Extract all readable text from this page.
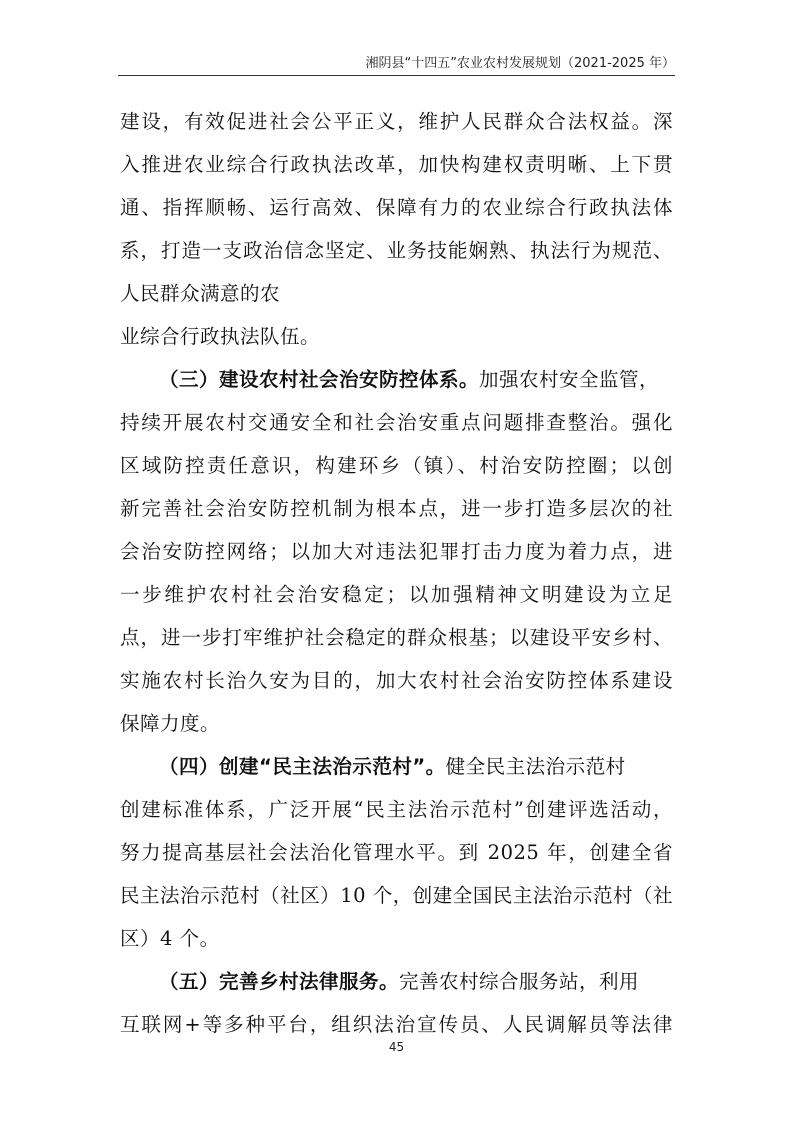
湘阴县“十四五”农业农村发展规划（2021-2025 年）
建设，有效促进社会公平正义，维护人民群众合法权益。深
入推进农业综合行政执法改革，加快构建权责明晰、上下贯
通、指挥顺畅、运行高效、保障有力的农业综合行政执法体
系，打造一支政治信念坚定、业务技能娴熟、执法行为规范、
人民群众满意的农
业综合行政执法队伍。
（三）建设农村社会治安防控体系。加强农村安全监管，
持续开展农村交通安全和社会治安重点问题排查整治。强化
区域防控责任意识，构建环乡（镇）、村治安防控圈；以创
新完善社会治安防控机制为根本点，进一步打造多层次的社
会治安防控网络；以加大对违法犯罪打击力度为着力点，进
一步维护农村社会治安稳定；以加强精神文明建设为立足
点，进一步打牢维护社会稳定的群众根基；以建设平安乡村、
实施农村长治久安为目的，加大农村社会治安防控体系建设
保障力度。
（四）创建“民主法治示范村”。健全民主法治示范村
创建标准体系，广泛开展“民主法治示范村”创建评选活动，
努力提高基层社会法治化管理水平。到 2025 年，创建全省
民主法治示范村（社区）10 个，创建全国民主法治示范村（社
区）4 个。
（五）完善乡村法律服务。完善农村综合服务站，利用
互联网+等多种平台，组织法治宣传员、人民调解员等法律
45
